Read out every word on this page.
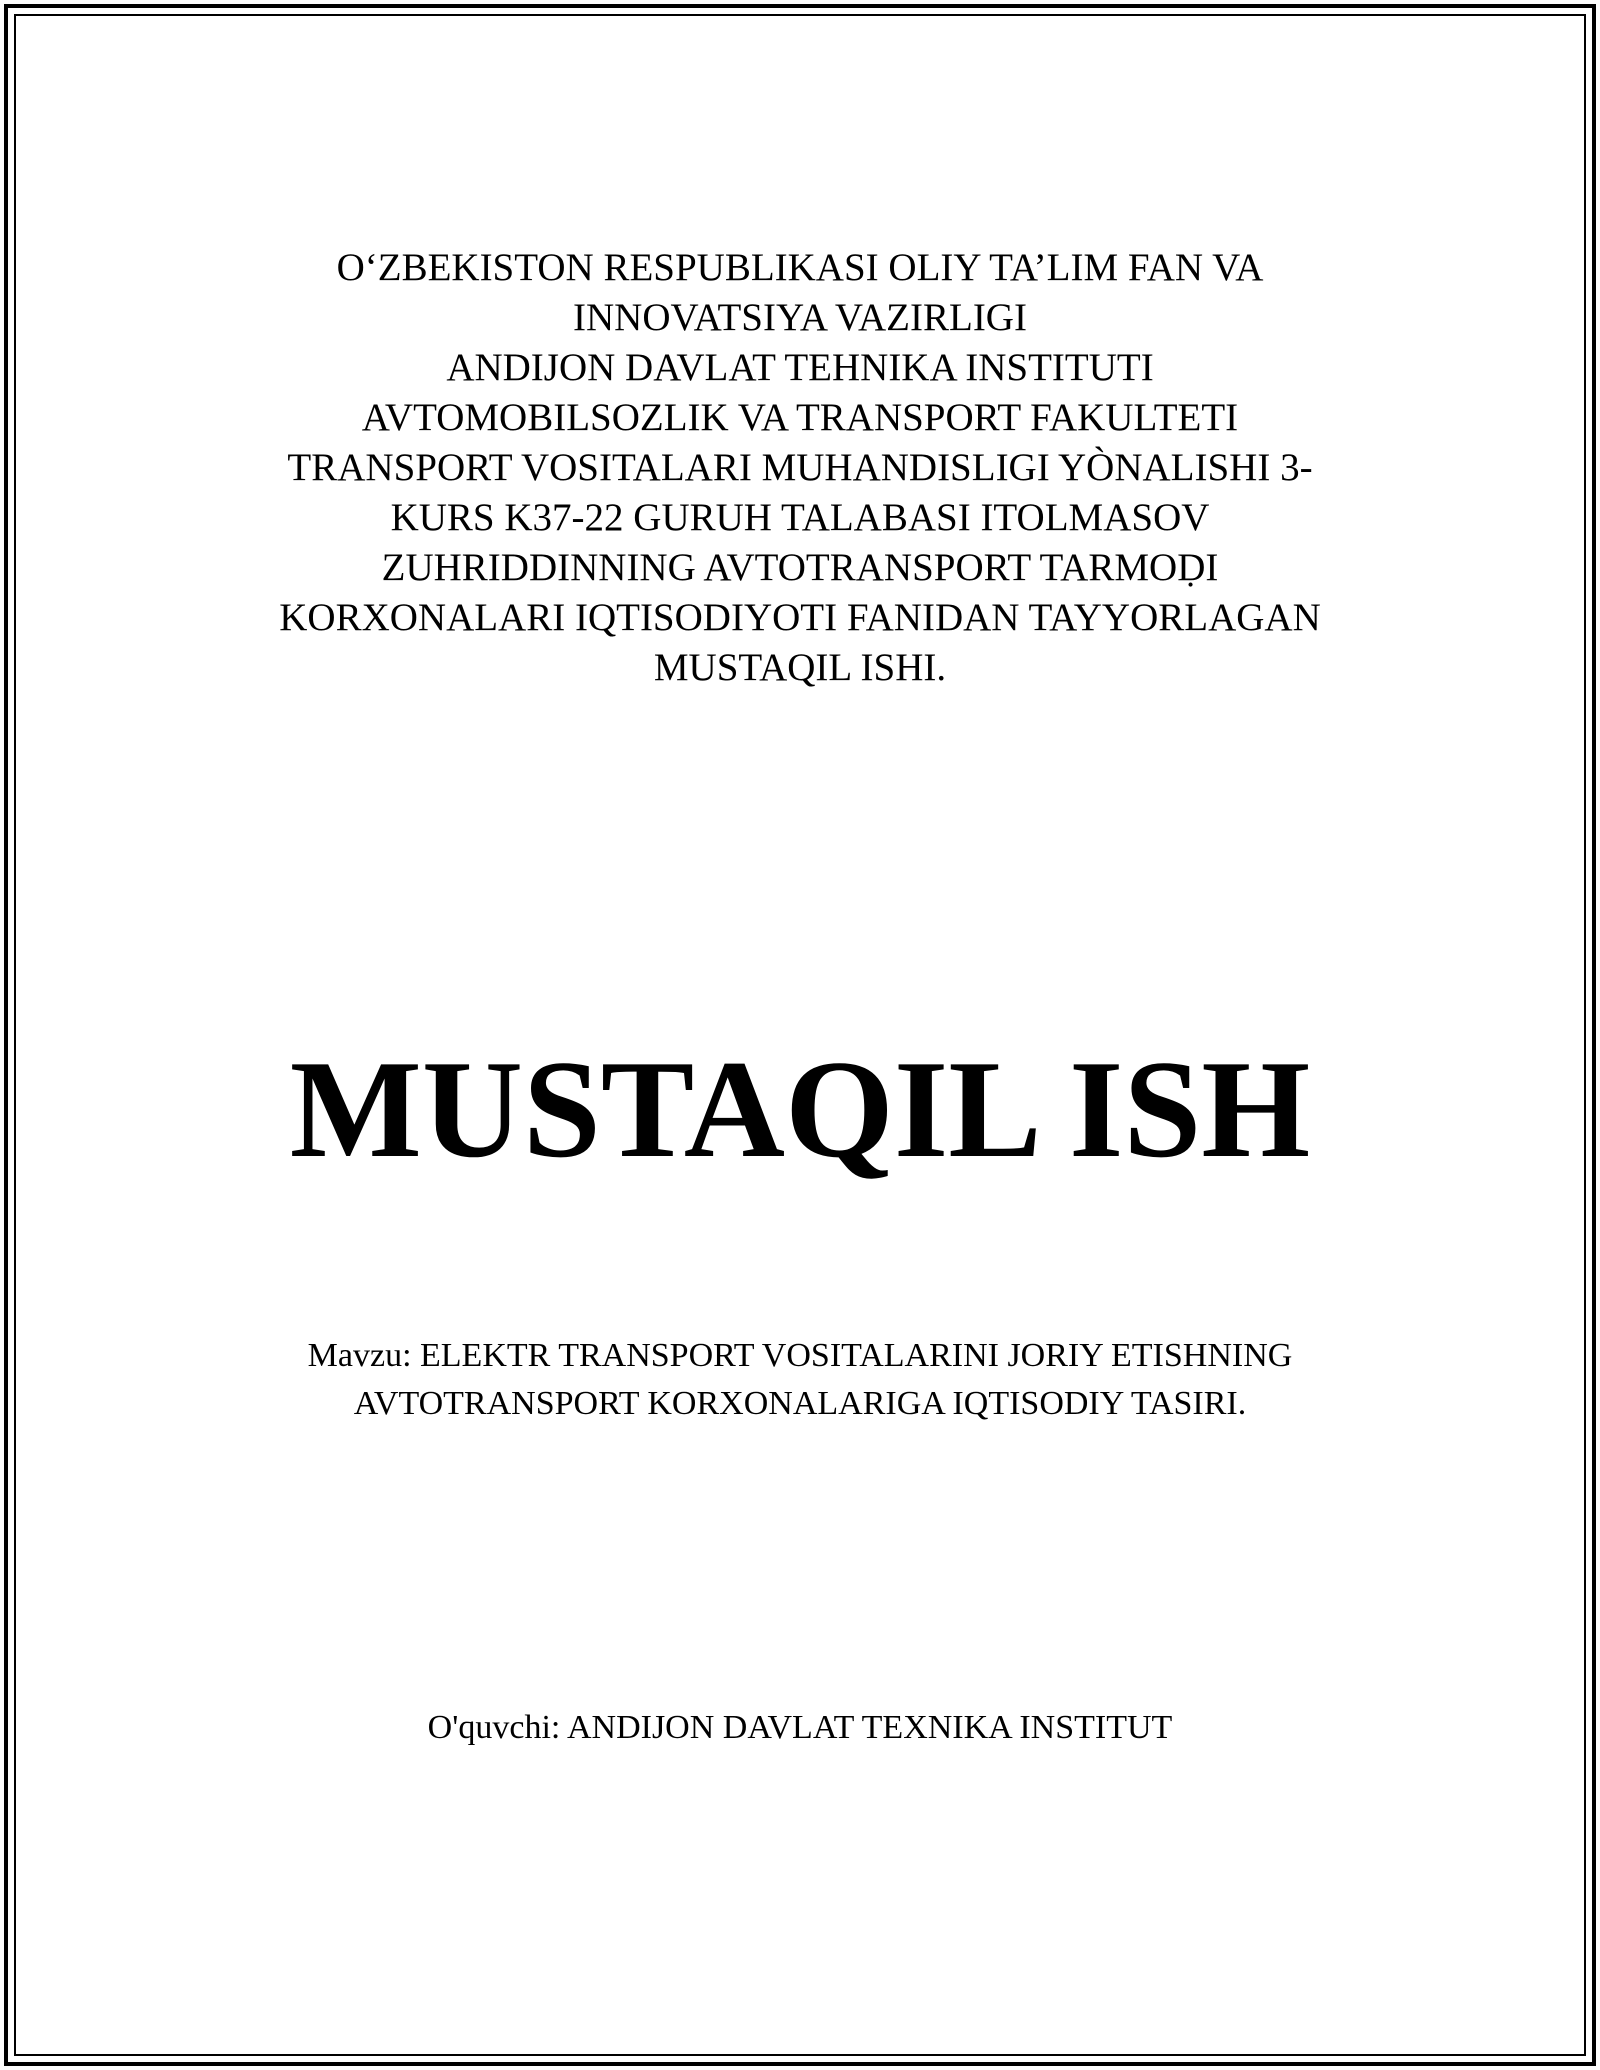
O‘ZBEKISTON RESPUBLIKASI OLIY TA’LIM FAN VA
INNOVATSIYA VAZIRLIGI
ANDIJON DAVLAT TEHNIKA INSTITUTI
AVTOMOBILSOZLIK VA TRANSPORT FAKULTETI
TRANSPORT VOSITALARI MUHANDISLIGI YÒNALISHI 3-
KURS K37-22 GURUH TALABASI ITOLMASOV
ZUHRIDDINNING AVTOTRANSPORT TARMOḌI
KORXONALARI IQTISODIYOTI FANIDAN TAYYORLAGAN
MUSTAQIL ISHI.
MUSTAQIL ISH
Mavzu: ELEKTR TRANSPORT VOSITALARINI JORIY ETISHNING
AVTOTRANSPORT KORXONALARIGA IQTISODIY TASIRI.
O'quvchi: ANDIJON DAVLAT TEXNIKA INSTITUT
